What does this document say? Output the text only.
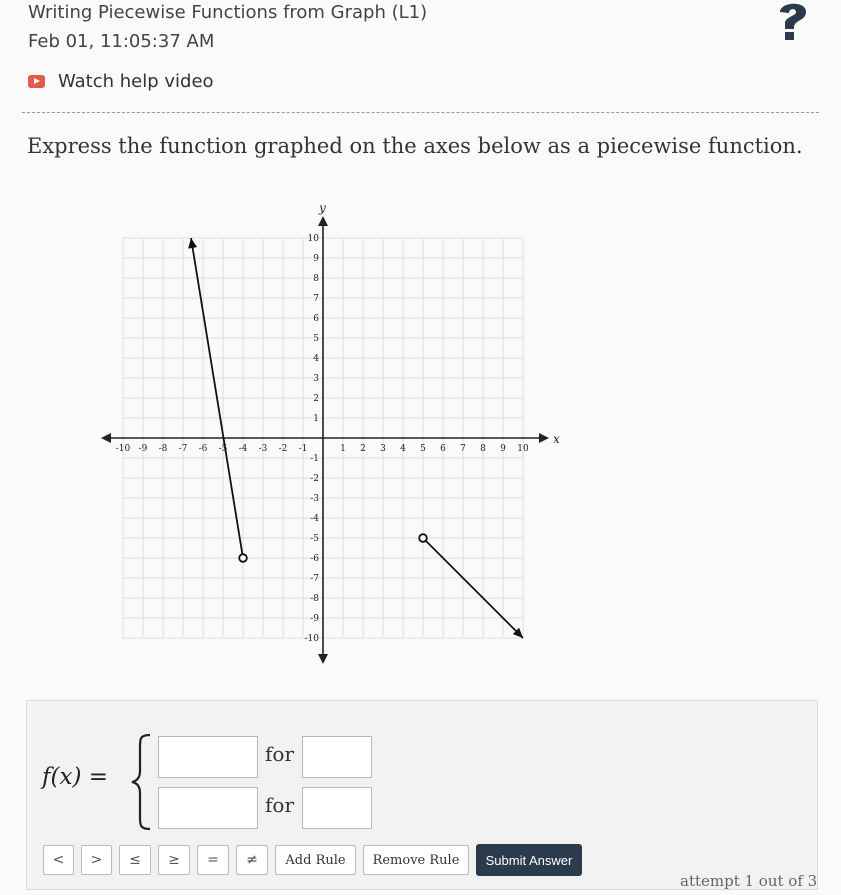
Writing Piecewise Functions from Graph (L1)
Feb 01, 11:05:37 AM
Watch help video
Express the function graphed on the axes below as a piecewise function.
x
y
-10 -9 -8 -7 -6 -5 -4 -3 -2 -1	1 2 3 4 5 6 7 8 9 10
10
9
8
7
6
5
4
3
2
1
-1
-2
-3
-4
-5
-6
-7
-8
-9
-10
f(x) =
for
for
<	>	≤	≥	=	≠	Add Rule	Remove Rule	Submit Answer
attempt 1 out of 3
